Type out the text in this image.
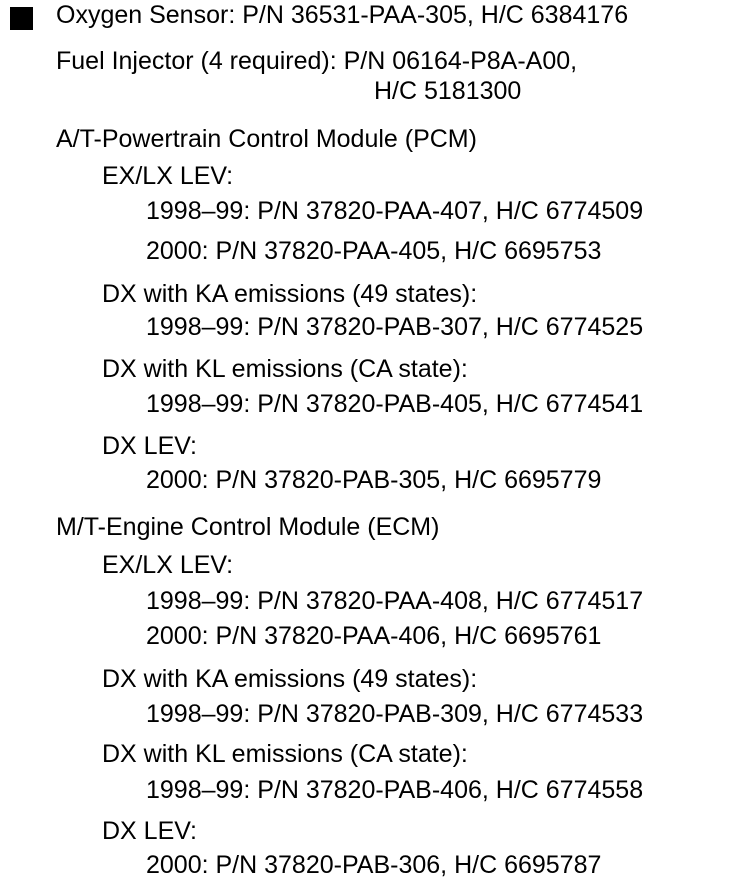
Oxygen Sensor: P/N 36531-PAA-305, H/C 6384176
Fuel Injector (4 required): P/N 06164-P8A-A00,
H/C 5181300
A/T-Powertrain Control Module (PCM)
EX/LX LEV:
1998–99: P/N 37820-PAA-407, H/C 6774509
2000: P/N 37820-PAA-405, H/C 6695753
DX with KA emissions (49 states):
1998–99: P/N 37820-PAB-307, H/C 6774525
DX with KL emissions (CA state):
1998–99: P/N 37820-PAB-405, H/C 6774541
DX LEV:
2000: P/N 37820-PAB-305, H/C 6695779
M/T-Engine Control Module (ECM)
EX/LX LEV:
1998–99: P/N 37820-PAA-408, H/C 6774517
2000: P/N 37820-PAA-406, H/C 6695761
DX with KA emissions (49 states):
1998–99: P/N 37820-PAB-309, H/C 6774533
DX with KL emissions (CA state):
1998–99: P/N 37820-PAB-406, H/C 6774558
DX LEV:
2000: P/N 37820-PAB-306, H/C 6695787
